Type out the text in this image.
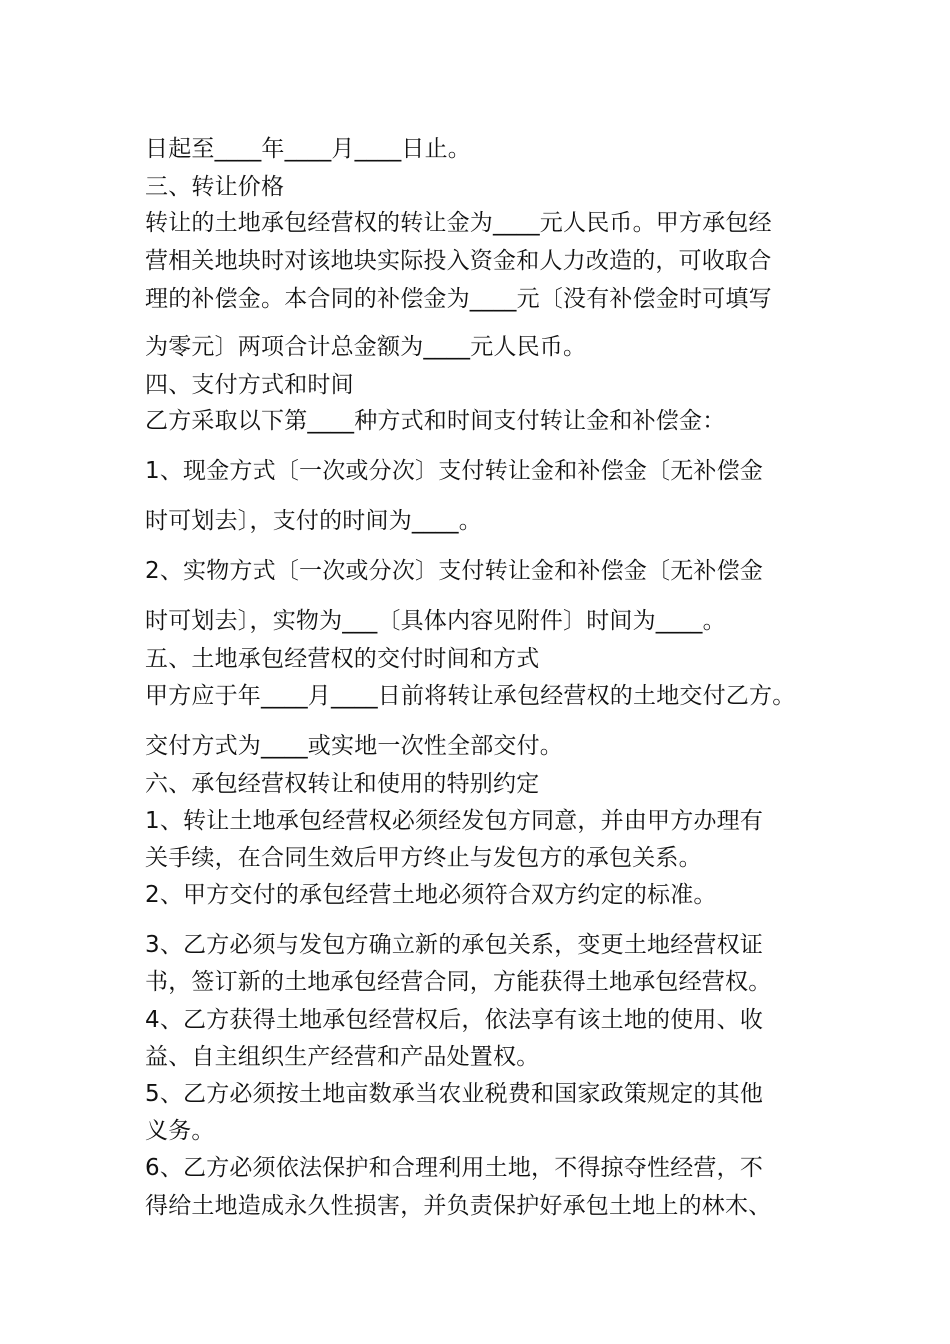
日起至____年____月____日止。
三、转让价格
转让的土地承包经营权的转让金为____元人民币。甲方承包经
营相关地块时对该地块实际投入资金和人力改造的，可收取合
理的补偿金。本合同的补偿金为____元〔没有补偿金时可填写
为零元〕两项合计总金额为____元人民币。
四、支付方式和时间
乙方采取以下第____种方式和时间支付转让金和补偿金：
1、现金方式〔一次或分次〕支付转让金和补偿金〔无补偿金
时可划去〕，支付的时间为____。
2、实物方式〔一次或分次〕支付转让金和补偿金〔无补偿金
时可划去〕，实物为___〔具体内容见附件〕时间为____。
五、土地承包经营权的交付时间和方式
甲方应于年____月____日前将转让承包经营权的土地交付乙方。
交付方式为____或实地一次性全部交付。
六、承包经营权转让和使用的特别约定
1、转让土地承包经营权必须经发包方同意，并由甲方办理有
关手续，在合同生效后甲方终止与发包方的承包关系。
2、甲方交付的承包经营土地必须符合双方约定的标准。
3、乙方必须与发包方确立新的承包关系，变更土地经营权证
书，签订新的土地承包经营合同，方能获得土地承包经营权。
4、乙方获得土地承包经营权后，依法享有该土地的使用、收
益、自主组织生产经营和产品处置权。
5、乙方必须按土地亩数承当农业税费和国家政策规定的其他
义务。
6、乙方必须依法保护和合理利用土地，不得掠夺性经营，不
得给土地造成永久性损害，并负责保护好承包土地上的林木、
